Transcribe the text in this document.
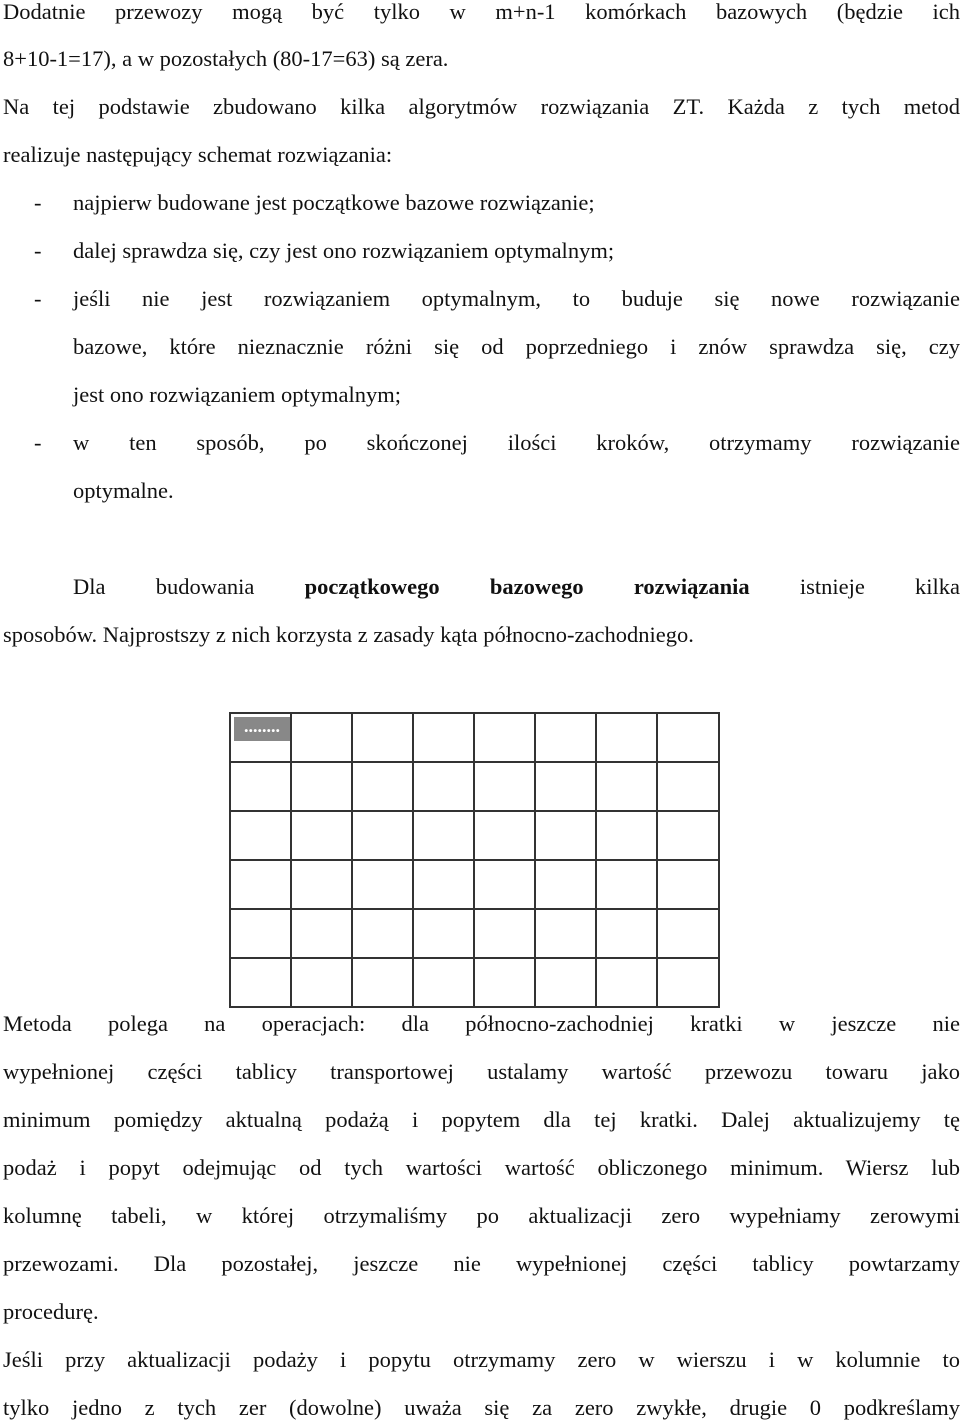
Dodatnie przewozy mogą być tylko w m+n-1 komórkach bazowych (będzie ich
8+10-1=17), a w pozostałych (80-17=63) są zera.
Na tej podstawie zbudowano kilka algorytmów rozwiązania ZT. Każda z tych metod
realizuje następujący schemat rozwiązania:
- najpierw budowane jest początkowe bazowe rozwiązanie;
- dalej sprawdza się, czy jest ono rozwiązaniem optymalnym;
- jeśli nie jest rozwiązaniem optymalnym, to buduje się nowe rozwiązanie
bazowe, które nieznacznie różni się od poprzedniego i znów sprawdza się, czy
jest ono rozwiązaniem optymalnym;
- w ten sposób, po skończonej ilości kroków, otrzymamy rozwiązanie
optymalne.
Dla budowania początkowego bazowego rozwiązania istnieje kilka
sposobów. Najprostszy z nich korzysta z zasady kąta północno-zachodniego.
........
Metoda polega na operacjach: dla północno-zachodniej kratki w jeszcze nie
wypełnionej części tablicy transportowej ustalamy wartość przewozu towaru jako
minimum pomiędzy aktualną podażą i popytem dla tej kratki. Dalej aktualizujemy tę
podaż i popyt odejmując od tych wartości wartość obliczonego minimum. Wiersz lub
kolumnę tabeli, w której otrzymaliśmy po aktualizacji zero wypełniamy zerowymi
przewozami. Dla pozostałej, jeszcze nie wypełnionej części tablicy powtarzamy
procedurę.
Jeśli przy aktualizacji podaży i popytu otrzymamy zero w wierszu i w kolumnie to
tylko jedno z tych zer (dowolne) uważa się za zero zwykłe, drugie 0 podkreślamy
